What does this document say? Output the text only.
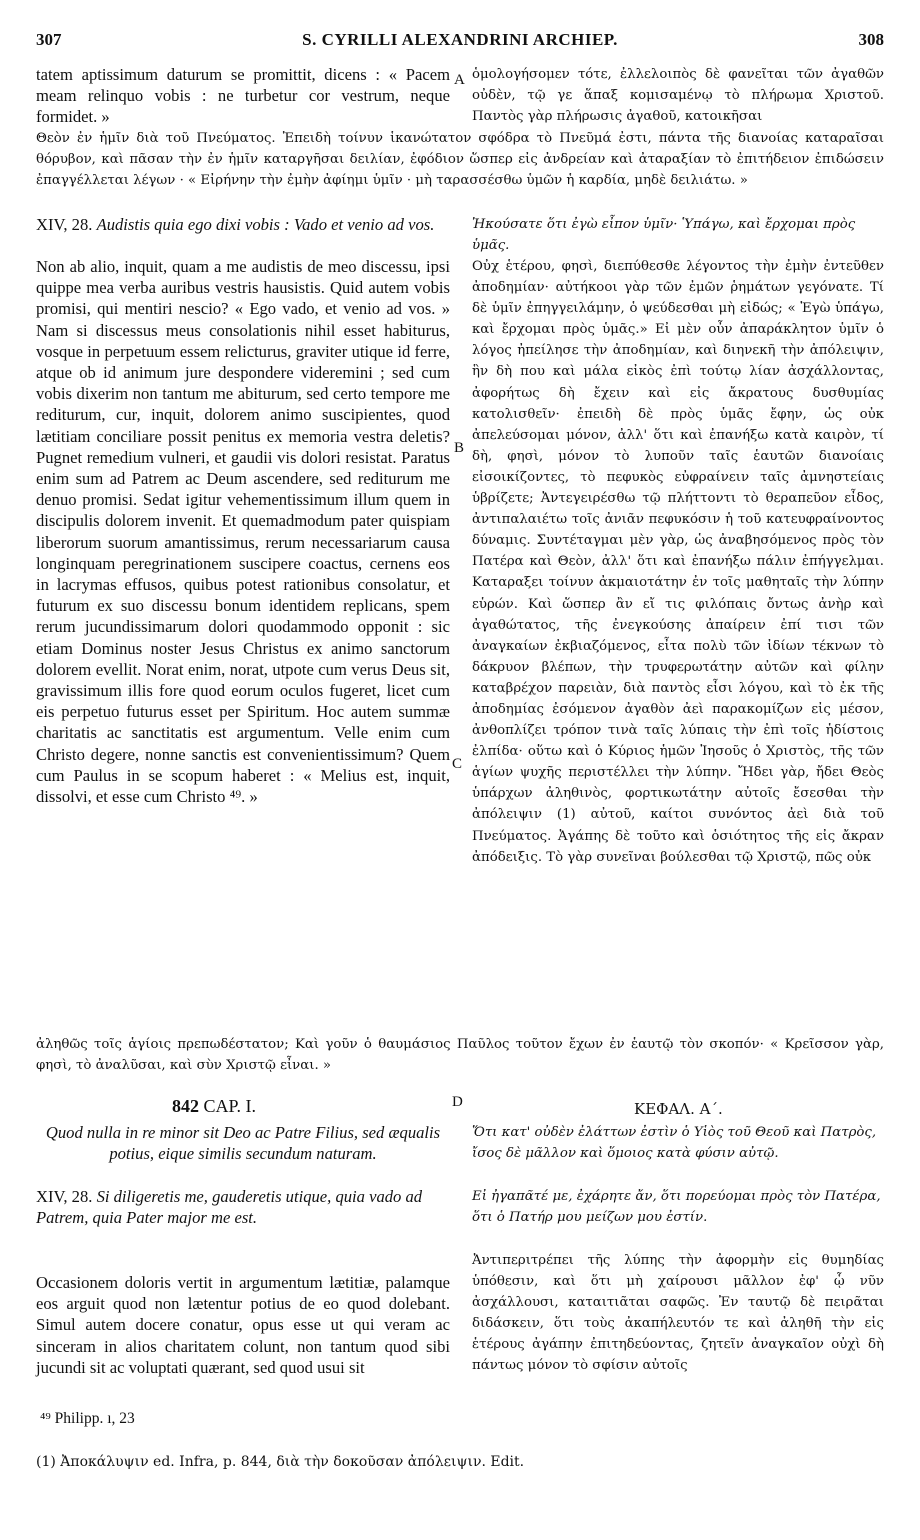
307	S. CYRILLI ALEXANDRINI ARCHIEP.	308

tatem aptissimum daturum se promittit, dicens : « Pacem meam relinquo vobis : ne turbetur cor vestrum, neque formidet. »

A ὁμολογήσομεν τότε, ἐλλελοιπὸς δὲ φανεῖται τῶν ἀγαθῶν οὐδὲν, τῷ γε ἅπαξ κομισαμένῳ τὸ πλήρωμα Χριστοῦ. Παντὸς γὰρ πλήρωσις ἀγαθοῦ, κατοικῆσαι

Θεὸν ἐν ἡμῖν διὰ τοῦ Πνεύματος. Ἐπειδὴ τοίνυν ἱκανώτατον σφόδρα τὸ Πνεῦμά ἐστι, πάντα τῆς διανοίας καταραῖσαι θόρυβον, καὶ πᾶσαν τὴν ἐν ἡμῖν καταργῆσαι δειλίαν, ἐφόδιον ὥσπερ εἰς ἀνδρείαν καὶ ἀταραξίαν τὸ ἐπιτήδειον ἐπιδώσειν ἐπαγγέλλεται λέγων · « Εἰρήνην τὴν ἐμὴν ἀφίημι ὑμῖν · μὴ ταρασσέσθω ὑμῶν ἡ καρδία, μηδὲ δειλιάτω. »

XIV, 28. Audistis quia ego dixi vobis : Vado et venio ad vos.	Ἠκούσατε ὅτι ἐγὼ εἶπον ὑμῖν· Ὑπάγω, καὶ ἔρχομαι πρὸς ὑμᾶς.

Non ab alio, inquit, quam a me audistis de meo discessu, ipsi quippe mea verba auribus vestris hausistis. Quid autem vobis promisi, qui mentiri nescio? « Ego vado, et venio ad vos. » Nam si discessus meus consolationis nihil esset habiturus, vosque in perpetuum essem relicturus, graviter utique id ferre, atque ob id animum jure despondere videremini ; sed cum vobis dixerim non tantum me abiturum, sed certo tempore me rediturum, cur, inquit, dolorem animo suscipientes, quod lætitiam conciliare possit penitus ex memoria vestra deletis? Pugnet remedium vulneri, et gaudii vis dolori resistat. Paratus enim sum ad Patrem ac Deum ascendere, sed rediturum me denuo promisi. Sedat igitur vehementissimum illum quem in discipulis dolorem invenit. Et quemadmodum pater quispiam liberorum suorum amantissimus, rerum necessariarum causa longinquam peregrinationem suscipere coactus, cernens eos in lacrymas effusos, quibus potest rationibus consolatur, et futurum ex suo discessu bonum identidem replicans, spem rerum jucundissimarum dolori quodammodo opponit : sic etiam Dominus noster Jesus Christus ex animo sanctorum dolorem evellit. Norat enim, norat, utpote cum verus Deus sit, gravissimum illis fore quod eorum oculos fugeret, licet cum eis perpetuo futurus esset per Spiritum. Hoc autem summæ charitatis ac sanctitatis est argumentum. Velle enim cum Christo degere, nonne sanctis est convenientissimum? Quem cum Paulus in se scopum haberet : « Melius est, inquit, dissolvi, et esse cum Christo ⁴⁹. »

B
C

Οὐχ ἑτέρου, φησὶ, διεπύθεσθε λέγοντος τὴν ἐμὴν ἐντεῦθεν ἀποδημίαν· αὐτήκοοι γὰρ τῶν ἐμῶν ῥημάτων γεγόνατε. Τί δὲ ὑμῖν ἐπηγγειλάμην, ὁ ψεύδεσθαι μὴ εἰδώς; « Ἐγὼ ὑπάγω, καὶ ἔρχομαι πρὸς ὑμᾶς.» Εἰ μὲν οὖν ἀπαράκλητον ὑμῖν ὁ λόγος ἠπείλησε τὴν ἀποδημίαν, καὶ διηνεκῆ τὴν ἀπόλειψιν, ἣν δὴ που καὶ μάλα εἰκὸς ἐπὶ τούτῳ λίαν ἀσχάλλοντας, ἀφορήτως δὴ ἔχειν καὶ εἰς ἄκρατους δυσθυμίας κατολισθεῖν· ἐπειδὴ δὲ πρὸς ὑμᾶς ἔφην, ὡς οὐκ ἀπελεύσομαι μόνον, ἀλλ' ὅτι καὶ ἐπανήξω κατὰ καιρὸν, τί δὴ, φησὶ, μόνον τὸ λυποῦν ταῖς ἑαυτῶν διανοίαις εἰσοικίζοντες, τὸ πεφυκὸς εὐφραίνειν ταῖς ἀμνηστείαις ὑβρίζετε; Ἀντεγειρέσθω τῷ πλήττοντι τὸ θεραπεῦον εἶδος, ἀντιπαλαιέτω τοῖς ἀνιᾶν πεφυκόσιν ἡ τοῦ κατευφραίνοντος δύναμις. Συντέταγμαι μὲν γὰρ, ὡς ἀναβησόμενος πρὸς τὸν Πατέρα καὶ Θεὸν, ἀλλ' ὅτι καὶ ἐπανήξω πάλιν ἐπήγγελμαι. Καταραξει τοίνυν ἀκμαιοτάτην ἐν τοῖς μαθηταῖς τὴν λύπην εὑρών. Καὶ ὥσπερ ἂν εἴ τις φιλόπαις ὄντως ἀνὴρ καὶ ἀγαθώτατος, τῆς ἐνεγκούσης ἀπαίρειν ἐπί τισι τῶν ἀναγκαίων ἐκβιαζόμενος, εἶτα πολὺ τῶν ἰδίων τέκνων τὸ δάκρυον βλέπων, τὴν τρυφερωτάτην αὐτῶν καὶ φίλην καταβρέχον παρειὰν, διὰ παντὸς εἶσι λόγου, καὶ τὸ ἐκ τῆς ἀποδημίας ἐσόμενον ἀγαθὸν ἀεὶ παρακομίζων εἰς μέσον, ἀνθοπλίζει τρόπον τινὰ ταῖς λύπαις τὴν ἐπὶ τοῖς ἡδίστοις ἐλπίδα· οὕτω καὶ ὁ Κύριος ἡμῶν Ἰησοῦς ὁ Χριστὸς, τῆς τῶν ἁγίων ψυχῆς περιστέλλει τὴν λύπην. Ἤδει γὰρ, ἤδει Θεὸς ὑπάρχων ἀληθινὸς, φορτικωτάτην αὐτοῖς ἔσεσθαι τὴν ἀπόλειψιν (1) αὐτοῦ, καίτοι συνόντος ἀεὶ διὰ τοῦ Πνεύματος. Ἀγάπης δὲ τοῦτο καὶ ὁσιότητος τῆς εἰς ἄκραν ἀπόδειξις. Τὸ γὰρ συνεῖναι βούλεσθαι τῷ Χριστῷ, πῶς οὐκ

ἀληθῶς τοῖς ἁγίοις πρεπωδέστατον; Καὶ γοῦν ὁ θαυμάσιος Παῦλος τοῦτον ἔχων ἐν ἑαυτῷ τὸν σκοπόν· « Κρεῖσσον γὰρ, φησὶ, τὸ ἀναλῦσαι, καὶ σὺν Χριστῷ εἶναι. »

842 CAP. I.	D	ΚΕΦΑΛ. Α΄.

Quod nulla in re minor sit Deo ac Patre Filius, sed æqualis potius, eique similis secundum naturam.

Ὅτι κατ' οὐδὲν ἐλάττων ἐστὶν ὁ Υἱὸς τοῦ Θεοῦ καὶ Πατρὸς, ἴσος δὲ μᾶλλον καὶ ὅμοιος κατὰ φύσιν αὐτῷ.

XIV, 28. Si diligeretis me, gauderetis utique, quia vado ad Patrem, quia Pater major me est.

Εἰ ἠγαπᾶτέ με, ἐχάρητε ἄν, ὅτι πορεύομαι πρὸς τὸν Πατέρα, ὅτι ὁ Πατήρ μου μείζων μου ἐστίν.

Occasionem doloris vertit in argumentum lætitiæ, palamque eos arguit quod non lætentur potius de eo quod dolebant. Simul autem docere conatur, opus esse ut qui veram ac sinceram in alios charitatem colunt, non tantum quod sibi jucundi sit ac voluptati quærant, sed quod usui sit

Ἀντιπεριτρέπει τῆς λύπης τὴν ἀφορμὴν εἰς θυμηδίας ὑπόθεσιν, καὶ ὅτι μὴ χαίρουσι μᾶλλον ἐφ' ᾧ νῦν ἀσχάλλουσι, καταιτιᾶται σαφῶς. Ἐν ταυτῷ δὲ πειρᾶται διδάσκειν, ὅτι τοὺς ἀκαπήλευτόν τε καὶ ἀληθῆ τὴν εἰς ἑτέρους ἀγάπην ἐπιτηδεύοντας, ζητεῖν ἀναγκαῖον οὐχὶ δὴ πάντως μόνον τὸ σφίσιν αὐτοῖς

⁴⁹ Philipp. ı, 23
(1) Ἀποκάλυψιν ed. Infra, p. 844, διὰ τὴν δοκοῦσαν ἀπόλειψιν. Edit.
